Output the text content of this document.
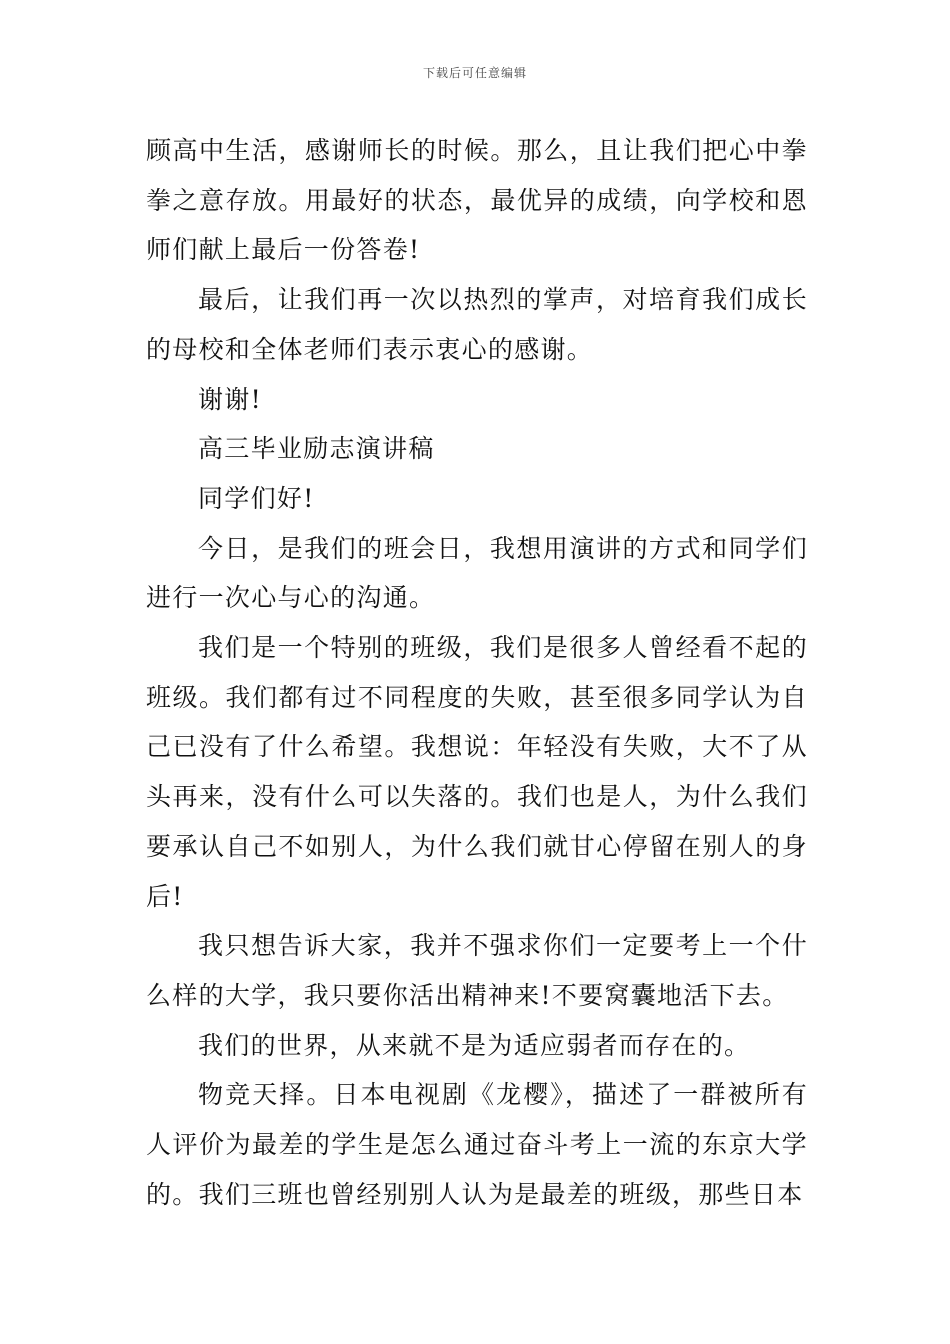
下载后可任意编辑

顾高中生活，感谢师长的时候。那么，且让我们把心中拳拳之意存放。用最好的状态，最优异的成绩，向学校和恩师们献上最后一份答卷!

最后，让我们再一次以热烈的掌声，对培育我们成长的母校和全体老师们表示衷心的感谢。

谢谢!

高三毕业励志演讲稿

同学们好!

今日，是我们的班会日，我想用演讲的方式和同学们进行一次心与心的沟通。

我们是一个特别的班级，我们是很多人曾经看不起的班级。我们都有过不同程度的失败，甚至很多同学认为自己已没有了什么希望。我想说：年轻没有失败，大不了从头再来，没有什么可以失落的。我们也是人，为什么我们要承认自己不如别人，为什么我们就甘心停留在别人的身后!

我只想告诉大家，我并不强求你们一定要考上一个什么样的大学，我只要你活出精神来!不要窝囊地活下去。

我们的世界，从来就不是为适应弱者而存在的。

物竞天择。日本电视剧《龙樱》，描述了一群被所有人评价为最差的学生是怎么通过奋斗考上一流的东京大学的。我们三班也曾经别别人认为是最差的班级，那些日本
